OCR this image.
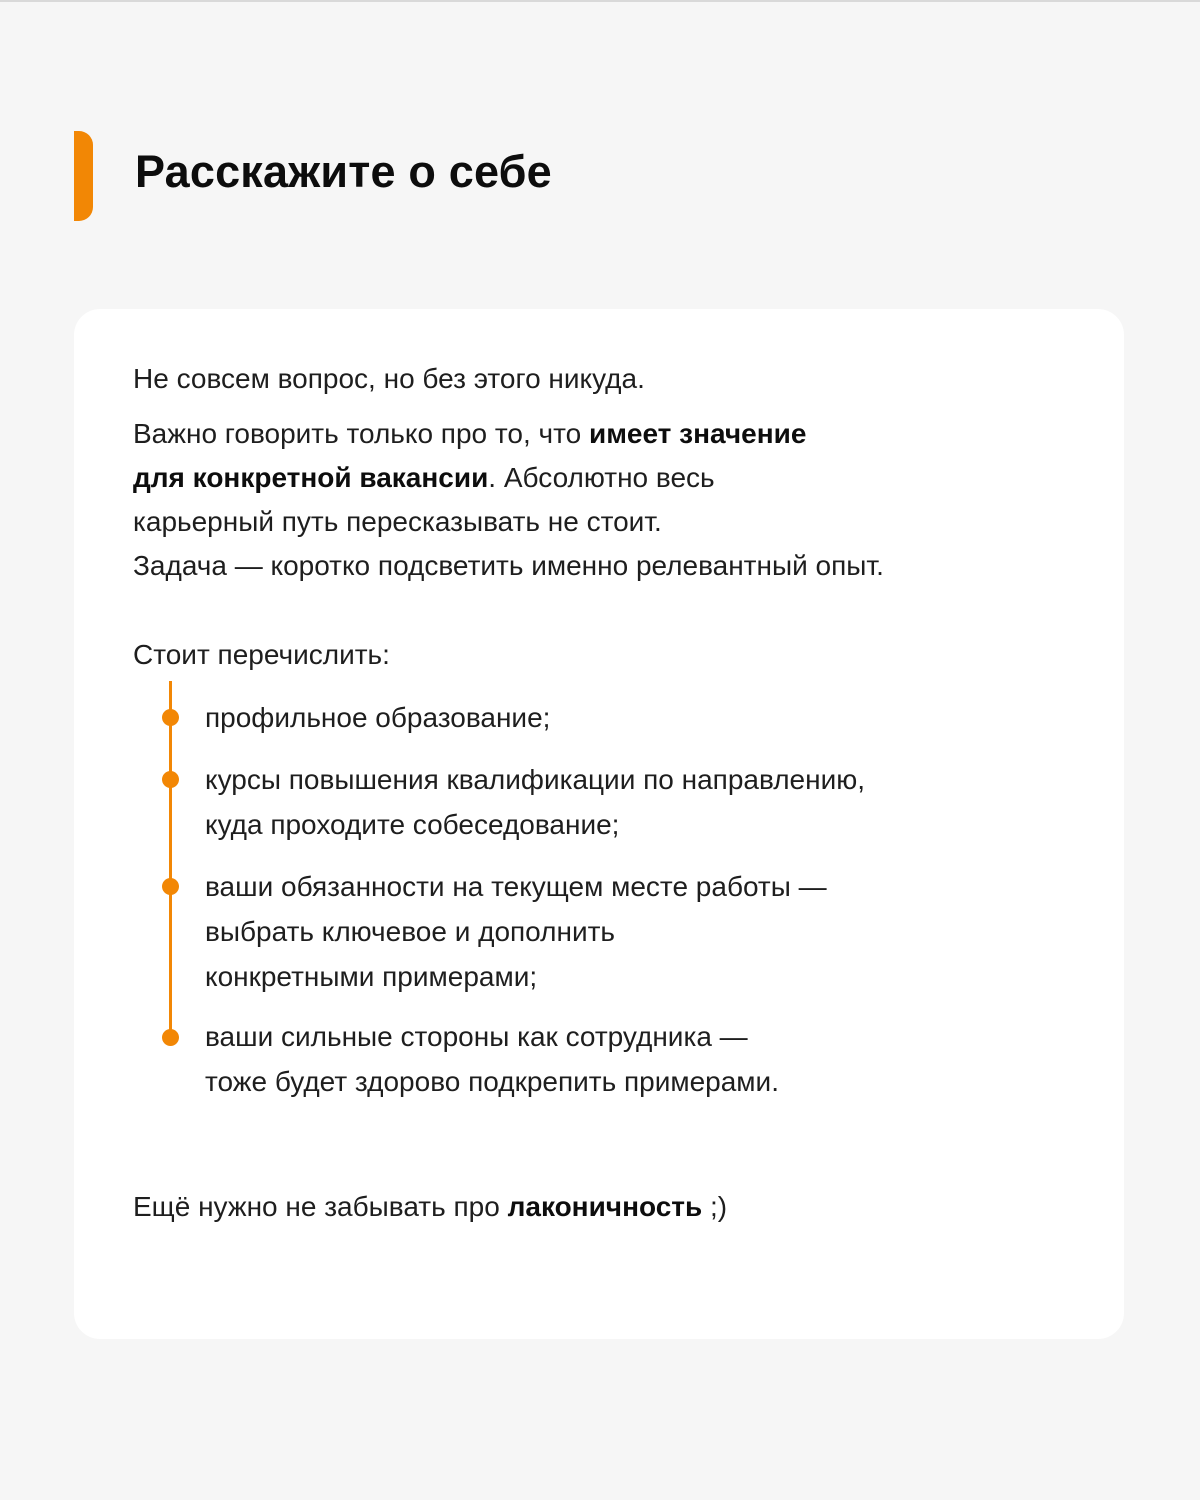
Расскажите о себе

Не совсем вопрос, но без этого никуда.

Важно говорить только про то, что имеет значение
для конкретной вакансии. Абсолютно весь
карьерный путь пересказывать не стоит.
Задача — коротко подсветить именно релевантный опыт.

Стоит перечислить:

профильное образование;

курсы повышения квалификации по направлению,
куда проходите собеседование;

ваши обязанности на текущем месте работы —
выбрать ключевое и дополнить
конкретными примерами;

ваши сильные стороны как сотрудника —
тоже будет здорово подкрепить примерами.

Ещё нужно не забывать про лаконичность ;)
